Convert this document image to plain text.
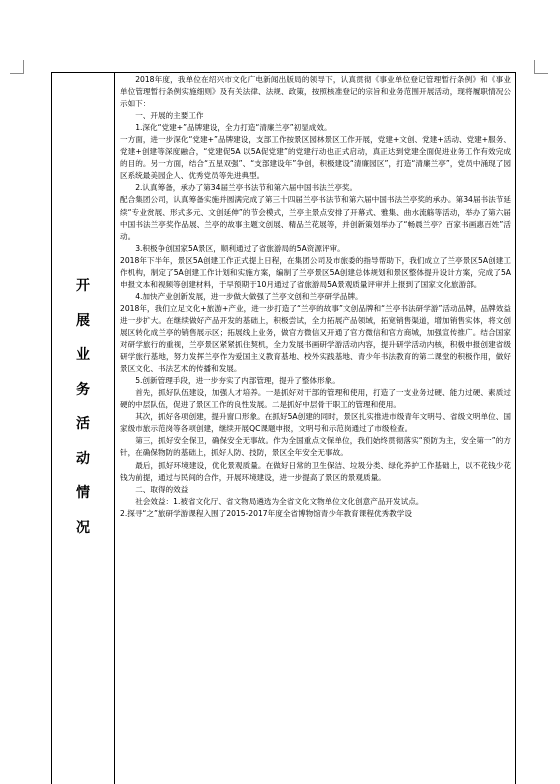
开
展
业
务
活
动
情
况
2018年度，我单位在绍兴市文化广电新闻出版局的领导下，认真贯彻《事业单位登记管理暂行条例》和《事业单位管理暂行条例实施细则》及有关法律、法规、政策，按照核准登记的宗旨和业务范围开展活动，现将履职情况公示如下：
一、开展的主要工作
1.深化“党建+”品牌建设，全力打造“清廉兰亭”初显成效。
一方面，进一步深化“党建+”品牌建设，支部工作按景区园林景区工作开展，党建+文创、党建+活动、党建+服务、党建+创建等深度融合，“党建促5A 以5A促党建”的党建行动也正式启动，真正达到党建全面促进业务工作有效完成的目的。另一方面，结合“五星双强”、“支部建设年”争创，积极建设“清廉园区”，打造“清廉兰亭”，党员中涌现了园区系统最美园企人、优秀党员等先进典型。
2.认真筹备，承办了第34届兰亭书法节和第六届中国书法兰亭奖。
配合集团公司，认真筹备实施并圆满完成了第三十四届兰亭书法节和第六届中国书法兰亭奖的承办。第34届书法节延续“专业赏展、形式多元、文创延伸”的节会模式，兰亭主景点安排了开幕式、雅集、曲水流觞等活动，举办了第六届中国书法兰亭奖作品展、兰亭的故事主题文创展、精品兰花展等，并创新策划举办了“畅晨兰亭？百家书画惠百姓”活动。
3.积极争创国家5A景区，顺利通过了省旅游局的5A资源评审。
2018年下半年，景区5A创建工作正式提上日程，在集团公司及市旅委的指导帮助下，我们成立了兰亭景区5A创建工作机构，制定了5A创建工作计划和实施方案，编制了兰亭景区5A创建总体规划和景区整体提升设计方案，完成了5A申报文本和视频等创建材料，于早预期于10月通过了省旅游局5A景观质量评审并上报到了国家文化旅游部。
4.加快产业创新发展，进一步做大做强了兰亭文创和兰亭研学品牌。
2018年，我们立足文化+旅游+产业，进一步打造了“兰亭的故事”文创品牌和“兰亭书法研学游”活动品牌，品牌效益进一步扩大。在继续做好产品开发的基础上，积极尝试，全力拓展产品领域，拓宽销售渠道，增加销售实体，将文创展区转化成兰亭的销售展示区；拓展线上业务，做官方微信又开通了官方微信和官方商城，加强宣传推广。结合国家对研学旅行的重视，兰亭景区紧紧抓住契机，全力发展书画研学游活动内容，提升研学活动内核，积极申报创建省级研学旅行基地，努力发挥兰亭作为爱国主义教育基地、校外实践基地、青少年书法教育的第二课堂的积极作用，做好景区文化、书法艺术的传播和发展。
5.创新管理手段，进一步夯实了内部管理，提升了整体形象。
首先，抓好队伍建设，加强人才培养。一是抓好对干部的管理和使用，打造了一支业务过硬、能力过硬、素质过硬的中层队伍，促进了景区工作的良性发展。二是抓好中层骨干职工的管理和使用。
其次，抓好各项创建，提升窗口形象。在抓好5A创建的同时，景区扎实推进市级青年文明号、省级文明单位、国家级市旅示范岗等各项创建，继续开展QC课题申报，文明号和示范岗通过了市级检查。
第三，抓好安全保卫，确保安全无事故。作为全国重点文保单位，我们始终贯彻落实“预防为主，安全第一”的方针，在确保物防的基础上，抓好人防、技防，景区全年安全无事故。
最后，抓好环境建设，优化景观质量。在做好日常的卫生保洁、垃圾分类、绿化养护工作基础上，以不花钱少花钱为前提，通过与民间的合作，开展环境建设，进一步提高了景区的景观质量。
二、取得的效益
社会效益：1.被省文化厅、省文物局遴选为全省文化文物单位文化创意产品开发试点。
2.探寻“之”旅研学游课程入围了2015-2017年度全省博物馆青少年教育课程优秀教学设
